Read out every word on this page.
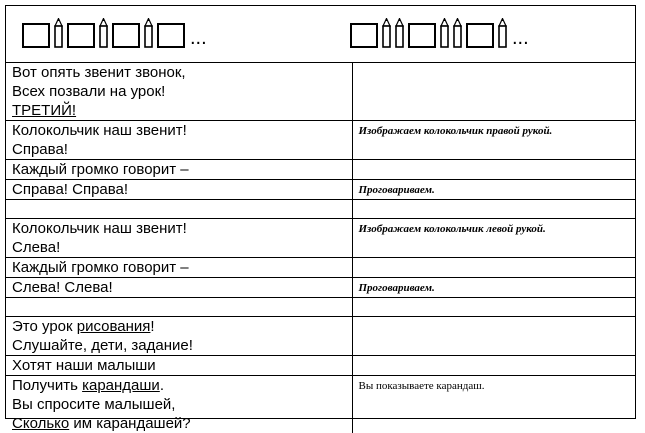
...	...
Вот опять звенит звонок,
Всех позвали на урок!
ТРЕТИЙ!	

Колокольчик наш звенит!
Справа!	Изображаем колокольчик правой рукой.

Каждый громко говорит –	

Справа! Справа!	Проговариваем.

Колокольчик наш звенит!
Слева!	Изображаем колокольчик левой рукой.

Каждый громко говорит –	

Слева! Слева!	Проговариваем.

Это урок рисования!
Слушайте, дети, задание!	

Хотят наши малыши	

Получить карандаши.
Вы спросите малышей,
Сколько им карандашей?	Вы показываете карандаш.
